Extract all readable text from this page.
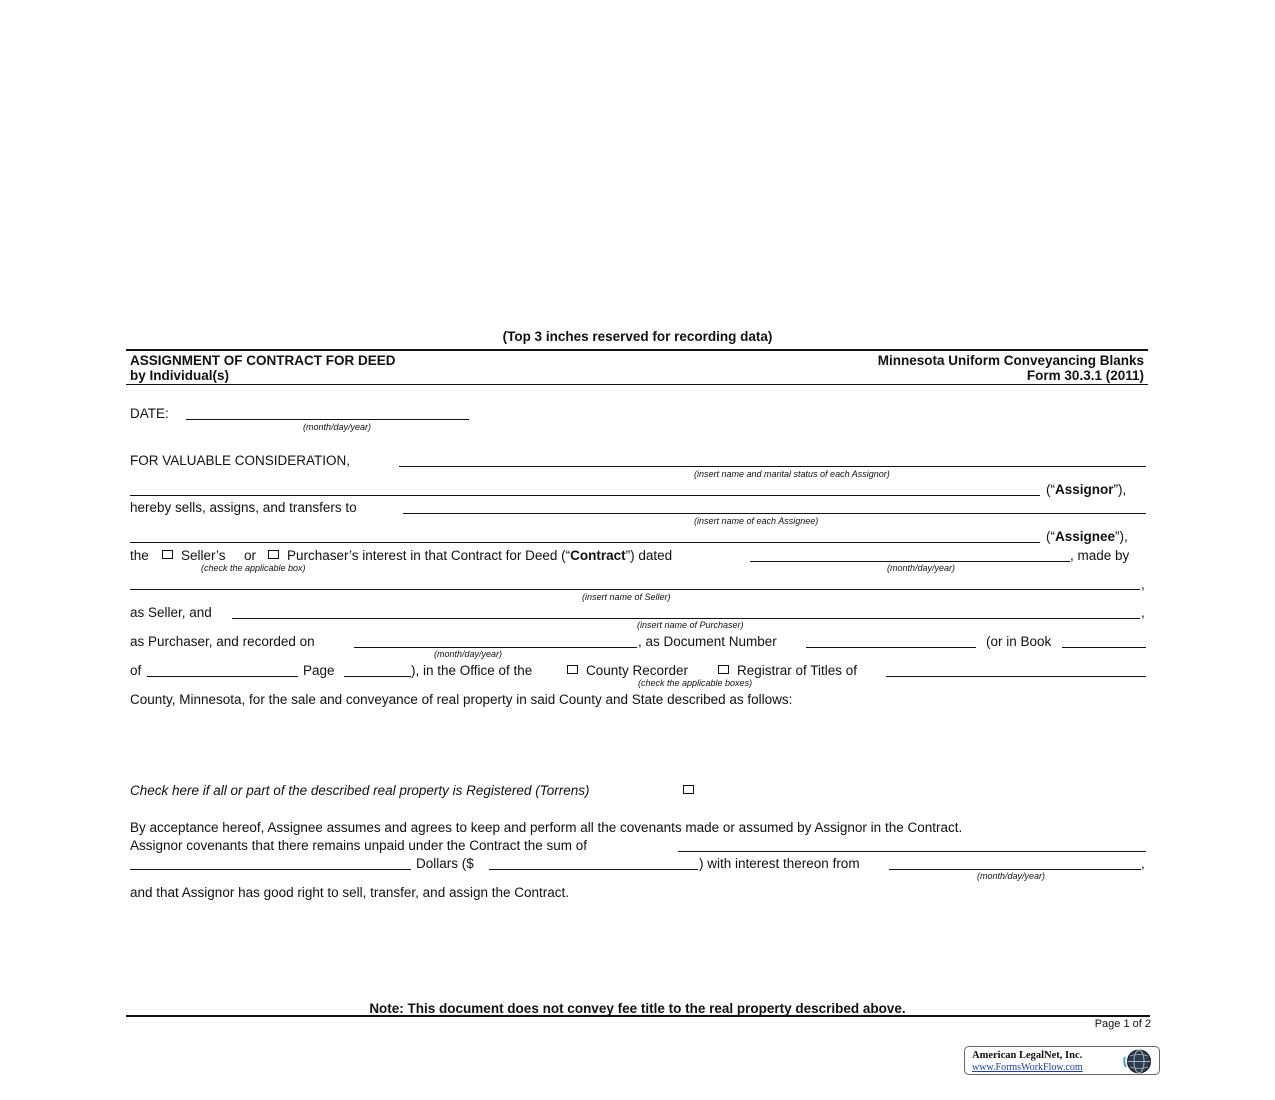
(Top 3 inches reserved for recording data)
ASSIGNMENT OF CONTRACT FOR DEED
by Individual(s)
Minnesota Uniform Conveyancing Blanks
Form 30.3.1 (2011)
DATE:
(month/day/year)
FOR VALUABLE CONSIDERATION,
(insert name and marital status of each Assignor)
(“Assignor”),
hereby sells, assigns, and transfers to
(insert name of each Assignee)
(“Assignee”),
the Seller’s or Purchaser’s interest in that Contract for Deed (“Contract”) dated	, made by
(check the applicable box)	(month/day/year)
,
(insert name of Seller)
as Seller, and	,
(insert name of Purchaser)
as Purchaser, and recorded on	, as Document Number	(or in Book
(month/day/year)
of	Page	), in the Office of the	County Recorder	Registrar of Titles of
(check the applicable boxes)
County, Minnesota, for the sale and conveyance of real property in said County and State described as follows:
Check here if all or part of the described real property is Registered (Torrens)
By acceptance hereof, Assignee assumes and agrees to keep and perform all the covenants made or assumed by Assignor in the Contract.
Assignor covenants that there remains unpaid under the Contract the sum of
Dollars ($	) with interest thereon from	,
(month/day/year)
and that Assignor has good right to sell, transfer, and assign the Contract.
Note: This document does not convey fee title to the real property described above.
Page 1 of 2
American LegalNet, Inc.
www.FormsWorkFlow.com
